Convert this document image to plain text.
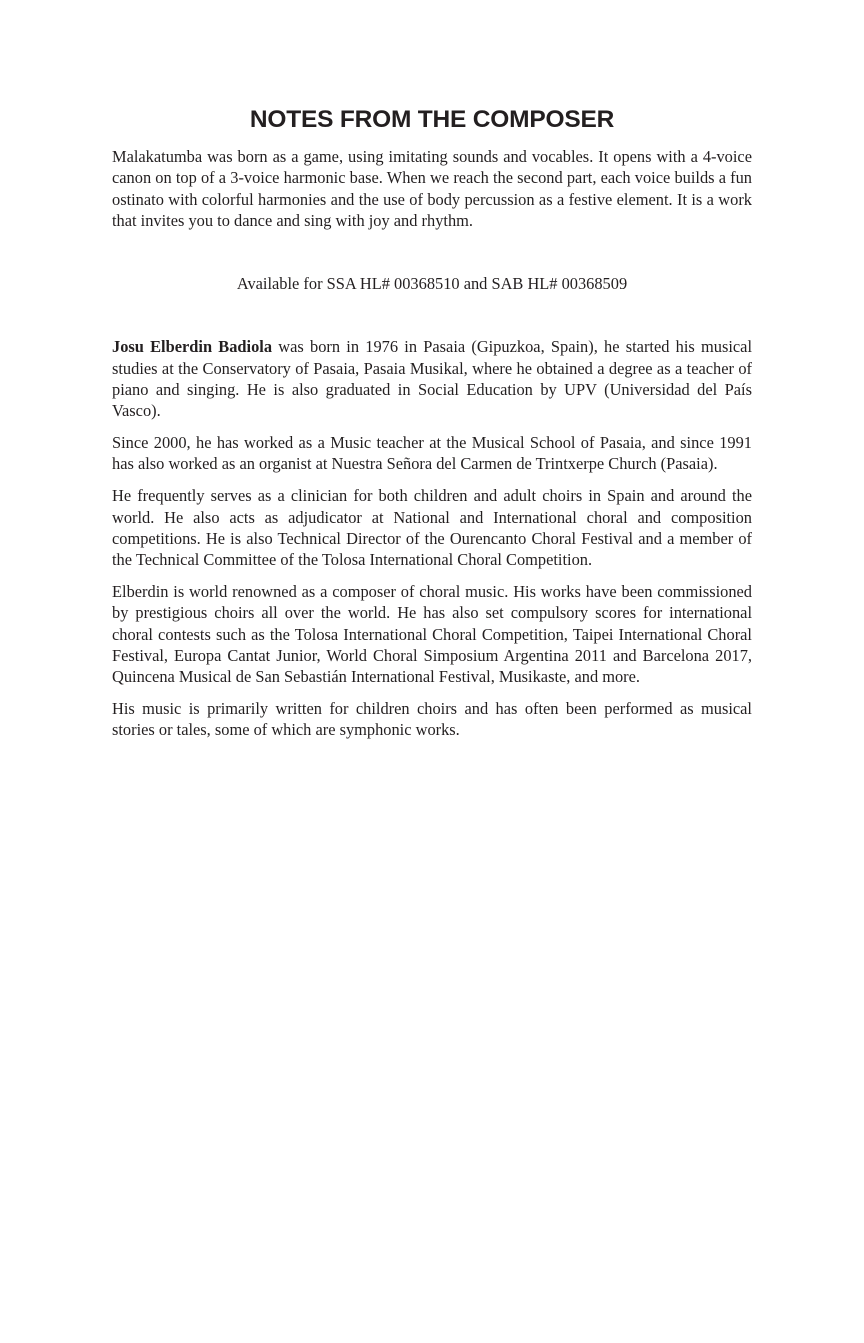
NOTES FROM THE COMPOSER

Malakatumba was born as a game, using imitating sounds and vocables. It opens with a 4-voice canon on top of a 3-voice harmonic base. When we reach the second part, each voice builds a fun ostinato with colorful harmonies and the use of body percussion as a festive element. It is a work that invites you to dance and sing with joy and rhythm.

Available for SSA HL# 00368510 and SAB HL# 00368509

Josu Elberdin Badiola was born in 1976 in Pasaia (Gipuzkoa, Spain), he started his musical studies at the Conservatory of Pasaia, Pasaia Musikal, where he obtained a degree as a teacher of piano and singing. He is also graduated in Social Education by UPV (Universidad del País Vasco).

Since 2000, he has worked as a Music teacher at the Musical School of Pasaia, and since 1991 has also worked as an organist at Nuestra Señora del Carmen de Trintxerpe Church (Pasaia).

He frequently serves as a clinician for both children and adult choirs in Spain and around the world. He also acts as adjudicator at National and International choral and composition competitions. He is also Technical Director of the Ourencanto Choral Festival and a member of the Technical Committee of the Tolosa International Choral Competition.

Elberdin is world renowned as a composer of choral music. His works have been commissioned by prestigious choirs all over the world. He has also set compulsory scores for international choral contests such as the Tolosa International Choral Competition, Taipei International Choral Festival, Europa Cantat Junior, World Choral Simposium Argentina 2011 and Barcelona 2017, Quincena Musical de San Sebastián International Festival, Musikaste, and more.

His music is primarily written for children choirs and has often been performed as musical stories or tales, some of which are symphonic works.
